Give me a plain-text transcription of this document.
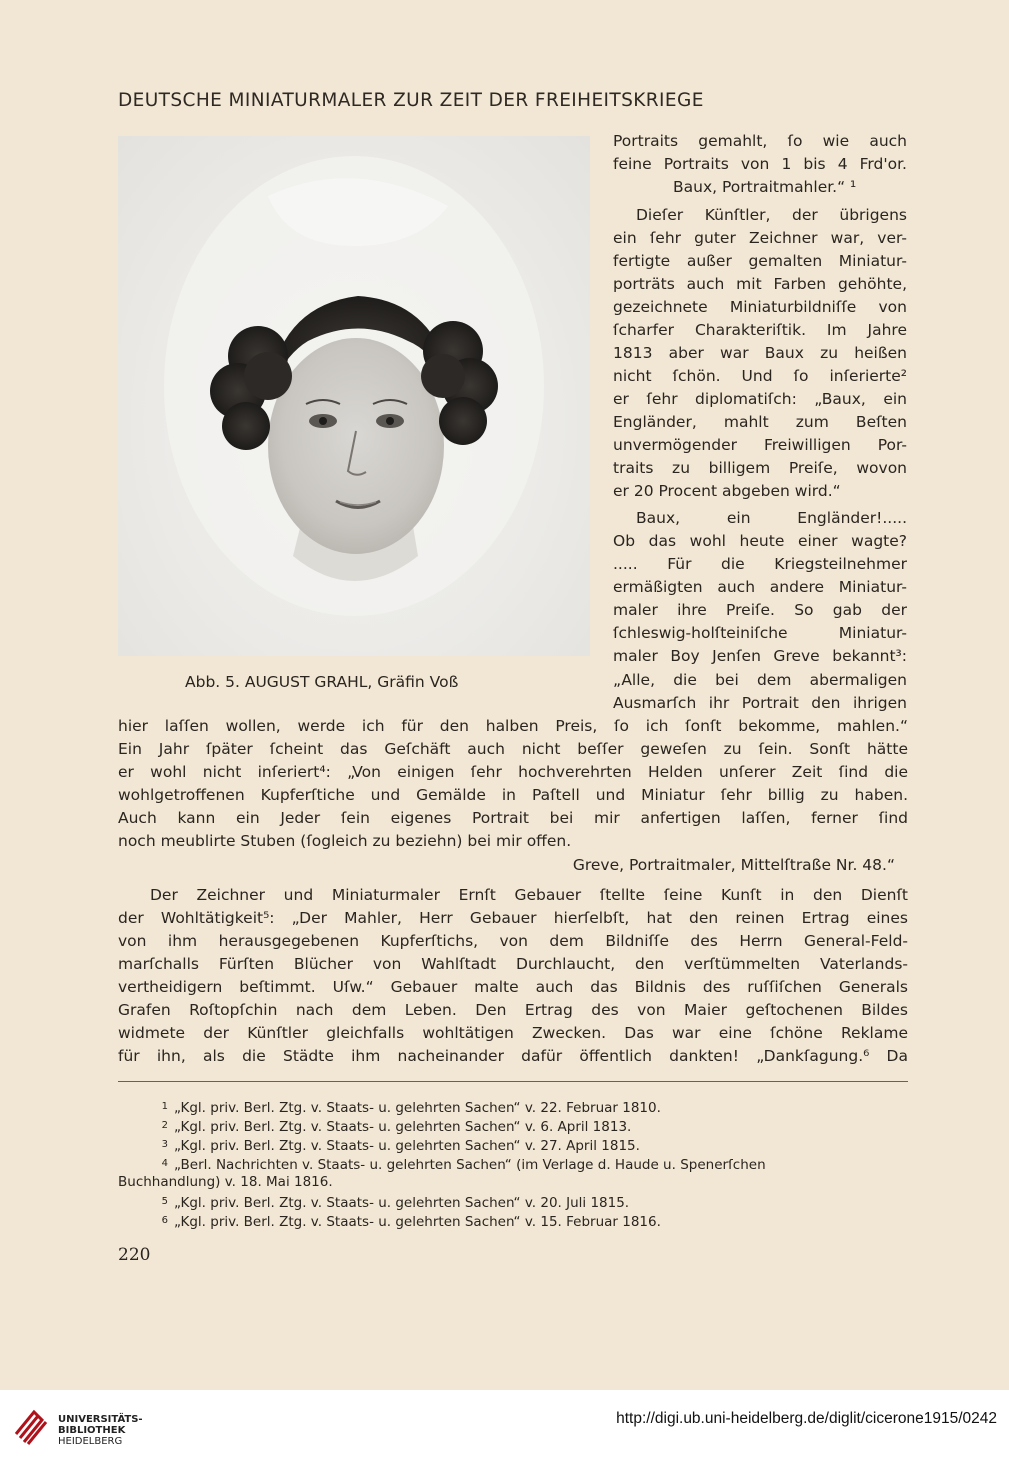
DEUTSCHE MINIATURMALER ZUR ZEIT DER FREIHEITSKRIEGE
Abb. 5. AUGUST GRAHL, Gräfin Voß
Portraits gemahlt, ſo wie auch
feine Portraits von 1 bis 4 Frd'or.
Baux, Portraitmahler.“ ¹
Dieſer Künſtler, der übrigens
ein ſehr guter Zeichner war, ver-
fertigte außer gemalten Miniatur-
porträts auch mit Farben gehöhte,
gezeichnete Miniaturbildniſſe von
ſcharfer Charakteriſtik. Im Jahre
1813 aber war Baux zu heißen
nicht ſchön. Und ſo inſerierte²
er ſehr diplomatiſch: „Baux, ein
Engländer, mahlt zum Beſten
unvermögender Freiwilligen Por-
traits zu billigem Preiſe, wovon
er 20 Procent abgeben wird.“
Baux, ein Engländer!.....
Ob das wohl heute einer wagte?
..... Für die Kriegsteilnehmer
ermäßigten auch andere Miniatur-
maler ihre Preiſe. So gab der
ſchleswig-holſteiniſche Miniatur-
maler Boy Jenſen Greve bekannt³:
„Alle, die bei dem abermaligen
Ausmarſch ihr Portrait den ihrigen
hier laſſen wollen, werde ich für den halben Preis, ſo ich ſonſt bekomme, mahlen.“
Ein Jahr ſpäter ſcheint das Geſchäft auch nicht beſſer geweſen zu ſein. Sonſt hätte
er wohl nicht inſeriert⁴: „Von einigen ſehr hochverehrten Helden unſerer Zeit ſind die
wohlgetroffenen Kupferſtiche und Gemälde in Paſtell und Miniatur ſehr billig zu haben.
Auch kann ein Jeder ſein eigenes Portrait bei mir anfertigen laſſen, ferner ſind
noch meublirte Stuben (ſogleich zu beziehn) bei mir offen.
Greve, Portraitmaler, Mittelſtraße Nr. 48.“
Der Zeichner und Miniaturmaler Ernſt Gebauer ſtellte ſeine Kunſt in den Dienſt
der Wohltätigkeit⁵: „Der Mahler, Herr Gebauer hierſelbſt, hat den reinen Ertrag eines
von ihm herausgegebenen Kupferſtichs, von dem Bildniſſe des Herrn General-Feld-
marſchalls Fürſten Blücher von Wahlſtadt Durchlaucht, den verſtümmelten Vaterlands-
vertheidigern beſtimmt. Uſw.“ Gebauer malte auch das Bildnis des ruſſiſchen Generals
Grafen Roſtopſchin nach dem Leben. Den Ertrag des von Maier geſtochenen Bildes
widmete der Künſtler gleichfalls wohltätigen Zwecken. Das war eine ſchöne Reklame
für ihn, als die Städte ihm nacheinander dafür öffentlich dankten! „Dankſagung.⁶ Da
1 „Kgl. priv. Berl. Ztg. v. Staats- u. gelehrten Sachen“ v. 22. Februar 1810.
2 „Kgl. priv. Berl. Ztg. v. Staats- u. gelehrten Sachen“ v. 6. April 1813.
3 „Kgl. priv. Berl. Ztg. v. Staats- u. gelehrten Sachen“ v. 27. April 1815.
4 „Berl. Nachrichten v. Staats- u. gelehrten Sachen“ (im Verlage d. Haude u. Spenerſchen
Buchhandlung) v. 18. Mai 1816.
5 „Kgl. priv. Berl. Ztg. v. Staats- u. gelehrten Sachen“ v. 20. Juli 1815.
6 „Kgl. priv. Berl. Ztg. v. Staats- u. gelehrten Sachen“ v. 15. Februar 1816.
220
UNIVERSITÄTS-
BIBLIOTHEK
HEIDELBERG
http://digi.ub.uni-heidelberg.de/diglit/cicerone1915/0242
